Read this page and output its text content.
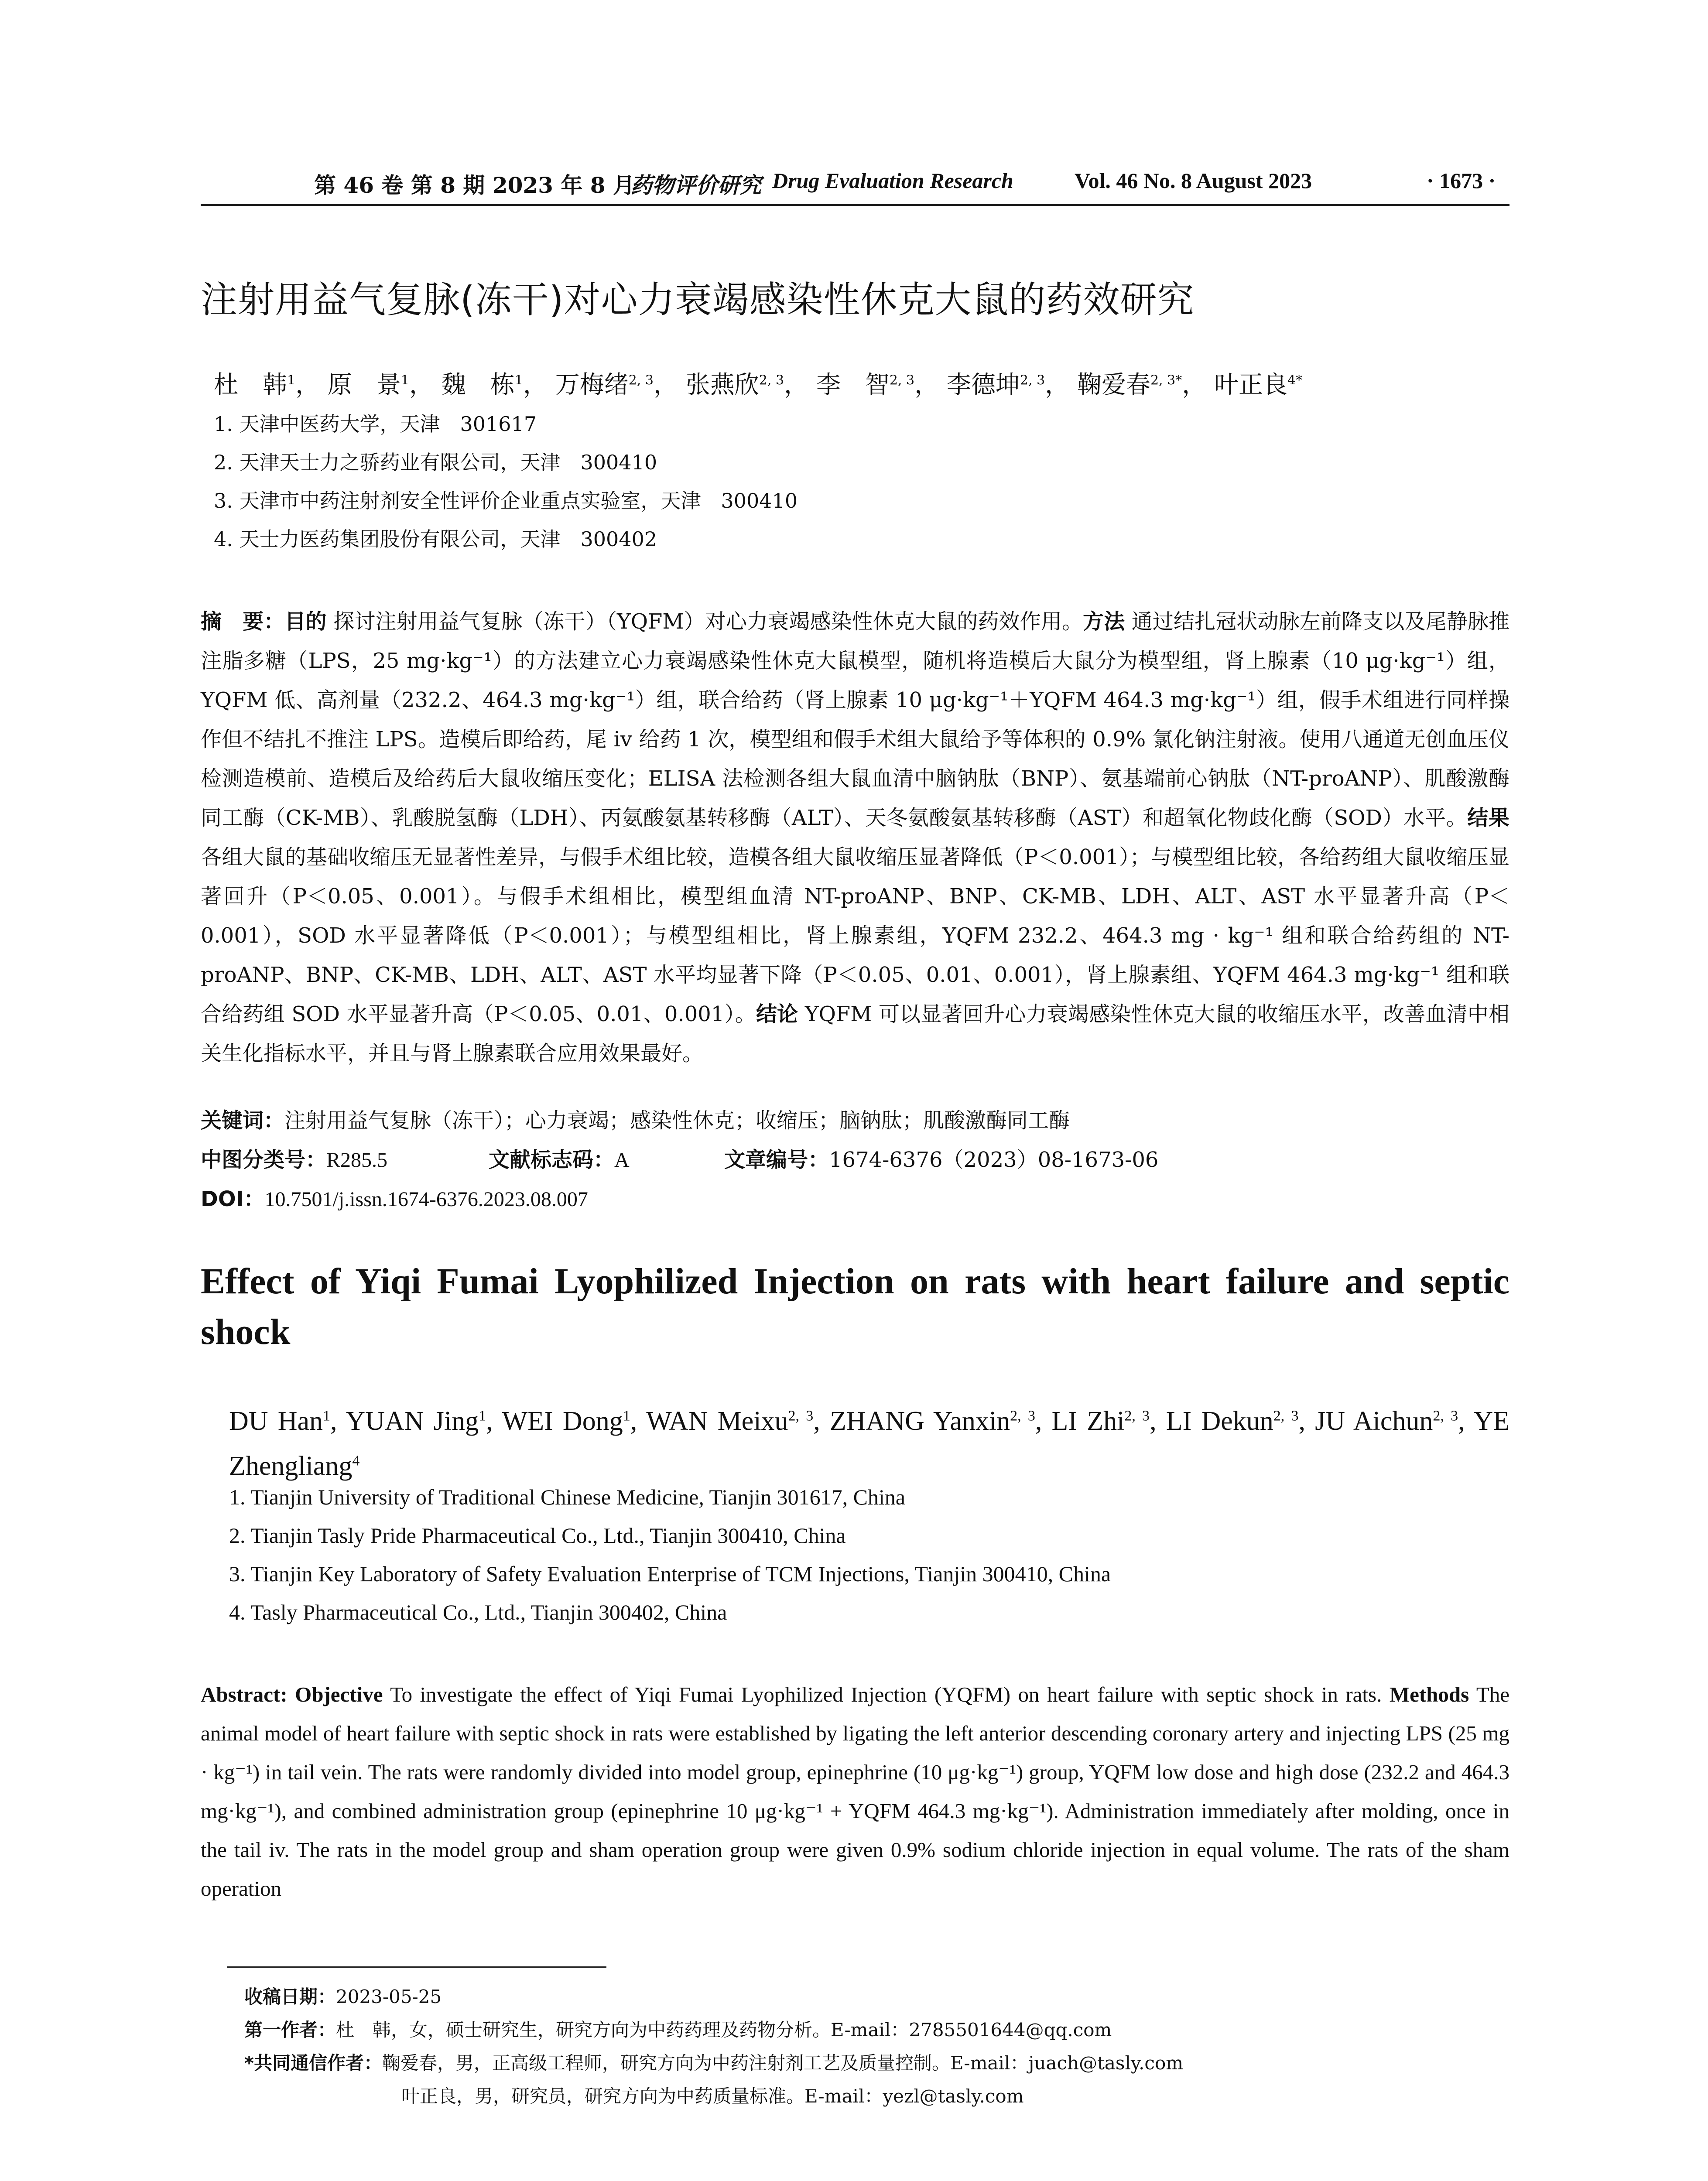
第 46 卷 第 8 期 2023 年 8 月
药物评价研究 Drug Evaluation Research	Vol. 46 No. 8 August 2023	· 1673 ·
注射用益气复脉(冻干)对心力衰竭感染性休克大鼠的药效研究
杜　韩$^1$， 原　景$^1$， 魏　栋$^1$， 万梅绪$^{2, 3}$， 张燕欣$^{2, 3}$， 李　智$^{2, 3}$， 李德坤$^{2, 3}$， 鞠爱春$^{2, 3*}$， 叶正良$^{4*}$
1. 天津中医药大学，天津　301617
2. 天津天士力之骄药业有限公司，天津　300410
3. 天津市中药注射剂安全性评价企业重点实验室，天津　300410
4. 天士力医药集团股份有限公司，天津　300402
摘　要：目的 探讨注射用益气复脉（冻干）（YQFM）对心力衰竭感染性休克大鼠的药效作用。方法 通过结扎冠状动脉左前降支以及尾静脉推注脂多糖（LPS，25 mg·kg⁻¹）的方法建立心力衰竭感染性休克大鼠模型，随机将造模后大鼠分为模型组，肾上腺素（10 μg·kg⁻¹）组，YQFM 低、高剂量（232.2、464.3 mg·kg⁻¹）组，联合给药（肾上腺素 10 μg·kg⁻¹＋YQFM 464.3 mg·kg⁻¹）组，假手术组进行同样操作但不结扎不推注 LPS。造模后即给药，尾 iv 给药 1 次，模型组和假手术组大鼠给予等体积的 0.9% 氯化钠注射液。使用八通道无创血压仪检测造模前、造模后及给药后大鼠收缩压变化；ELISA 法检测各组大鼠血清中脑钠肽（BNP）、氨基端前心钠肽（NT-proANP）、肌酸激酶同工酶（CK-MB）、乳酸脱氢酶（LDH）、丙氨酸氨基转移酶（ALT）、天冬氨酸氨基转移酶（AST）和超氧化物歧化酶（SOD）水平。结果 各组大鼠的基础收缩压无显著性差异，与假手术组比较，造模各组大鼠收缩压显著降低（P＜0.001）；与模型组比较，各给药组大鼠收缩压显著回升（P＜0.05、0.001）。与假手术组相比，模型组血清 NT-proANP、BNP、CK-MB、LDH、ALT、AST 水平显著升高（P＜0.001），SOD 水平显著降低（P＜0.001）；与模型组相比，肾上腺素组，YQFM 232.2、464.3 mg · kg⁻¹ 组和联合给药组的 NT-proANP、BNP、CK-MB、LDH、ALT、AST 水平均显著下降（P＜0.05、0.01、0.001），肾上腺素组、YQFM 464.3 mg·kg⁻¹ 组和联合给药组 SOD 水平显著升高（P＜0.05、0.01、0.001）。结论 YQFM 可以显著回升心力衰竭感染性休克大鼠的收缩压水平，改善血清中相关生化指标水平，并且与肾上腺素联合应用效果最好。
关键词：注射用益气复脉（冻干）；心力衰竭；感染性休克；收缩压；脑钠肽；肌酸激酶同工酶
中图分类号：R285.5	文献标志码：A	文章编号：1674-6376（2023）08-1673-06
DOI：10.7501/j.issn.1674-6376.2023.08.007
Effect of Yiqi Fumai Lyophilized Injection on rats with heart failure and septic shock
DU Han$^1$, YUAN Jing$^1$, WEI Dong$^1$, WAN Meixu$^{2, 3}$, ZHANG Yanxin$^{2, 3}$, LI Zhi$^{2, 3}$, LI Dekun$^{2, 3}$, JU Aichun$^{2, 3}$, YE Zhengliang$^4$
1. Tianjin University of Traditional Chinese Medicine, Tianjin 301617, China
2. Tianjin Tasly Pride Pharmaceutical Co., Ltd., Tianjin 300410, China
3. Tianjin Key Laboratory of Safety Evaluation Enterprise of TCM Injections, Tianjin 300410, China
4. Tasly Pharmaceutical Co., Ltd., Tianjin 300402, China
Abstract: Objective To investigate the effect of Yiqi Fumai Lyophilized Injection (YQFM) on heart failure with septic shock in rats. Methods The animal model of heart failure with septic shock in rats were established by ligating the left anterior descending coronary artery and injecting LPS (25 mg · kg⁻¹) in tail vein. The rats were randomly divided into model group, epinephrine (10 μg·kg⁻¹) group, YQFM low dose and high dose (232.2 and 464.3 mg·kg⁻¹), and combined administration group (epinephrine 10 μg·kg⁻¹ + YQFM 464.3 mg·kg⁻¹). Administration immediately after molding, once in the tail iv. The rats in the model group and sham operation group were given 0.9% sodium chloride injection in equal volume. The rats of the sham operation
收稿日期：2023-05-25
第一作者：杜　韩，女，硕士研究生，研究方向为中药药理及药物分析。E-mail：2785501644@qq.com
*共同通信作者：鞠爱春，男，正高级工程师，研究方向为中药注射剂工艺及质量控制。E-mail：juach@tasly.com
叶正良，男，研究员，研究方向为中药质量标准。E-mail：yezl@tasly.com
